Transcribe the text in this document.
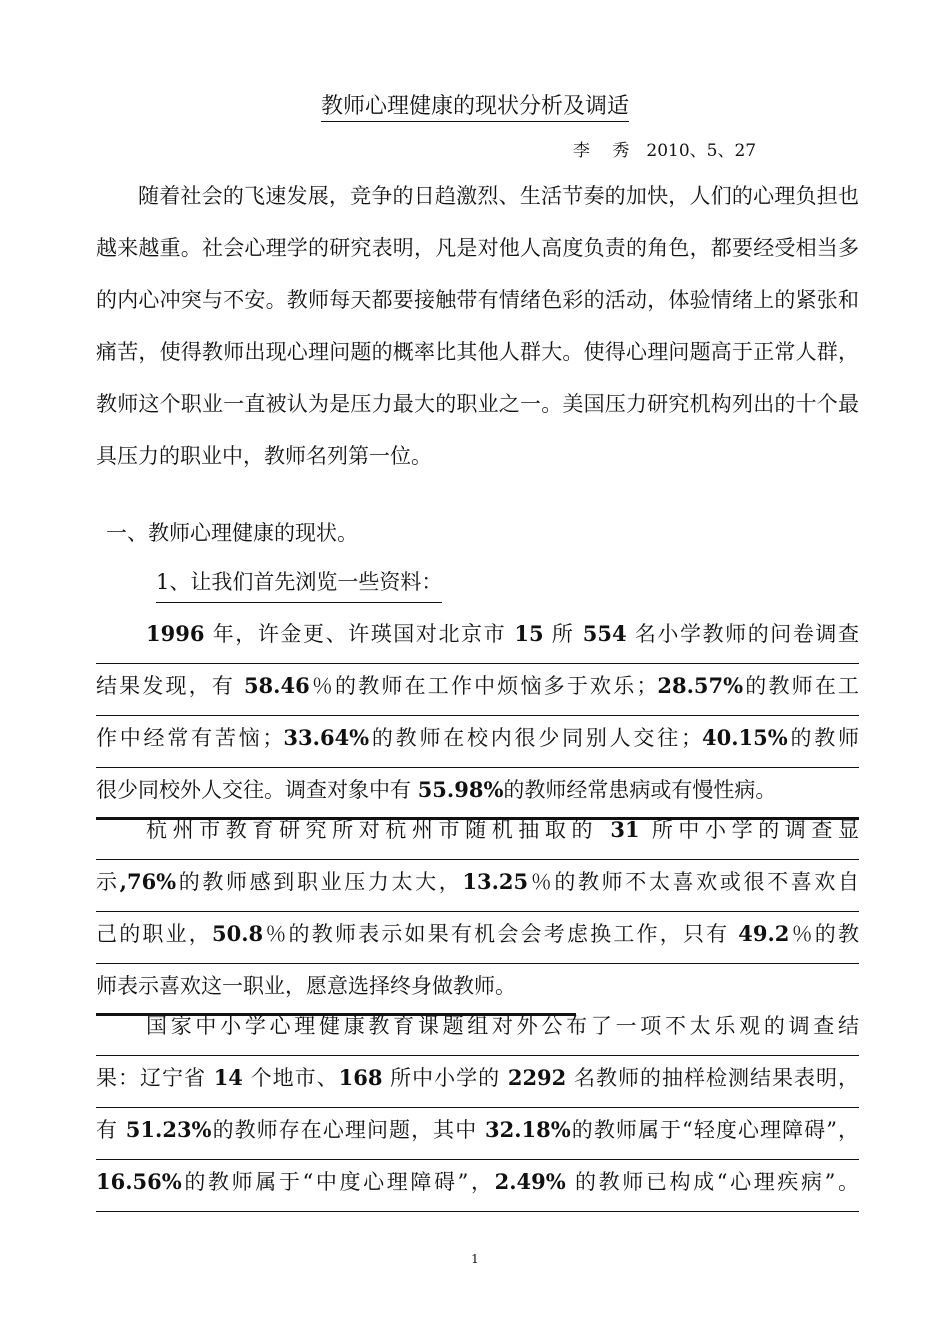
教师心理健康的现状分析及调适
李　 秀　2010、5、27
随着社会的飞速发展，竞争的日趋激烈、生活节奏的加快，人们的心理负担也越来越重。社会心理学的研究表明，凡是对他人高度负责的角色，都要经受相当多的内心冲突与不安。教师每天都要接触带有情绪色彩的活动，体验情绪上的紧张和痛苦，使得教师出现心理问题的概率比其他人群大。使得心理问题高于正常人群，教师这个职业一直被认为是压力最大的职业之一。美国压力研究机构列出的十个最具压力的职业中，教师名列第一位。
一、教师心理健康的现状。
1、让我们首先浏览一些资料：
1996 年，许金更、许瑛国对北京市 15 所 554 名小学教师的问卷调查
结果发现，有 58.46％的教师在工作中烦恼多于欢乐；28.57%的教师在工
作中经常有苦恼；33.64%的教师在校内很少同别人交往；40.15%的教师
很少同校外人交往。调查对象中有 55.98%的教师经常患病或有慢性病。
杭州市教育研究所对杭州市随机抽取的 31 所中小学的调查显
示,76%的教师感到职业压力太大，13.25％的教师不太喜欢或很不喜欢自
己的职业，50.8％的教师表示如果有机会会考虑换工作，只有 49.2％的教
师表示喜欢这一职业，愿意选择终身做教师。
国家中小学心理健康教育课题组对外公布了一项不太乐观的调查结
果：辽宁省 14 个地市、168 所中小学的 2292 名教师的抽样检测结果表明，
有 51.23%的教师存在心理问题，其中 32.18%的教师属于“轻度心理障碍”，
16.56%的教师属于“中度心理障碍”，2.49% 的教师已构成“心理疾病”。
1
